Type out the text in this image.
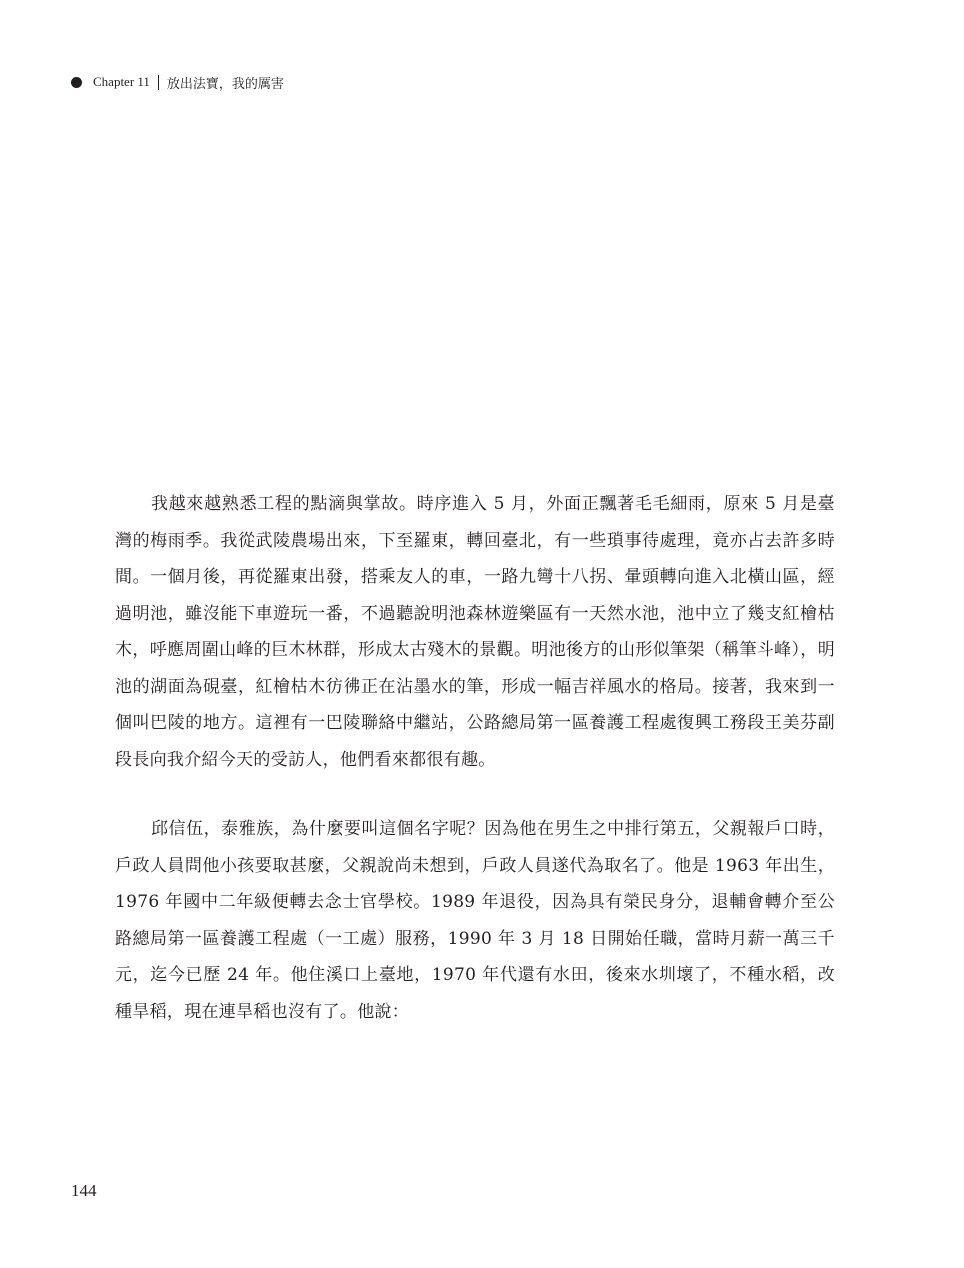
Chapter 11 放出法寶，我的厲害

我越來越熟悉工程的點滴與掌故。時序進入 5 月，外面正飄著毛毛細雨，原來 5 月是臺灣的梅雨季。我從武陵農場出來，下至羅東，轉回臺北，有一些瑣事待處理，竟亦占去許多時間。一個月後，再從羅東出發，搭乘友人的車，一路九彎十八拐、暈頭轉向進入北橫山區，經過明池，雖沒能下車遊玩一番，不過聽說明池森林遊樂區有一天然水池，池中立了幾支紅檜枯木，呼應周圍山峰的巨木林群，形成太古殘木的景觀。明池後方的山形似筆架（稱筆斗峰），明池的湖面為硯臺，紅檜枯木彷彿正在沾墨水的筆，形成一幅吉祥風水的格局。接著，我來到一個叫巴陵的地方。這裡有一巴陵聯絡中繼站，公路總局第一區養護工程處復興工務段王美芬副段長向我介紹今天的受訪人，他們看來都很有趣。

邱信伍，泰雅族，為什麼要叫這個名字呢？因為他在男生之中排行第五，父親報戶口時，戶政人員問他小孩要取甚麼，父親說尚未想到，戶政人員遂代為取名了。他是 1963 年出生，1976 年國中二年級便轉去念士官學校。1989 年退役，因為具有榮民身分，退輔會轉介至公路總局第一區養護工程處（一工處）服務，1990 年 3 月 18 日開始任職，當時月薪一萬三千元，迄今已歷 24 年。他住溪口上臺地，1970 年代還有水田，後來水圳壞了，不種水稻，改種旱稻，現在連旱稻也沒有了。他說：

144
